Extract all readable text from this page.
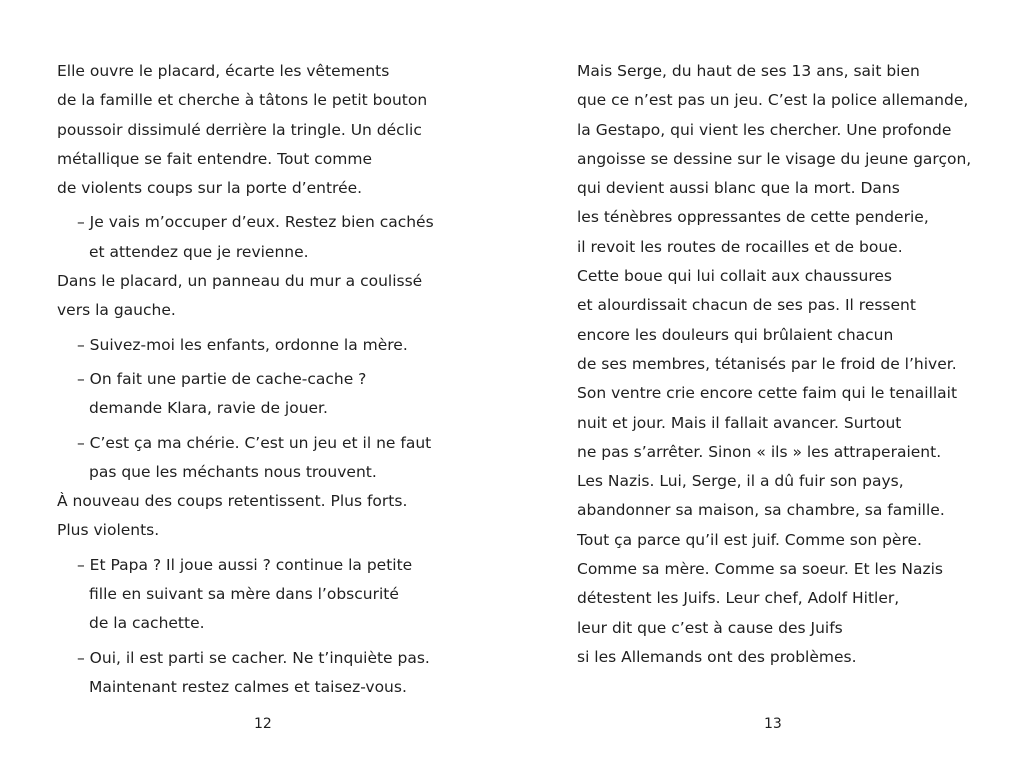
Elle ouvre le placard, écarte les vêtements
de la famille et cherche à tâtons le petit bouton
poussoir dissimulé derrière la tringle. Un déclic
métallique se fait entendre. Tout comme
de violents coups sur la porte d’entrée.
– Je vais m’occuper d’eux. Restez bien cachés
et attendez que je revienne.
Dans le placard, un panneau du mur a coulissé
vers la gauche.
– Suivez-moi les enfants, ordonne la mère.
– On fait une partie de cache-cache ?
demande Klara, ravie de jouer.
– C’est ça ma chérie. C’est un jeu et il ne faut
pas que les méchants nous trouvent.
À nouveau des coups retentissent. Plus forts.
Plus violents.
– Et Papa ? Il joue aussi ? continue la petite
fille en suivant sa mère dans l’obscurité
de la cachette.
– Oui, il est parti se cacher. Ne t’inquiète pas.
Maintenant restez calmes et taisez-vous.
12
Mais Serge, du haut de ses 13 ans, sait bien
que ce n’est pas un jeu. C’est la police allemande,
la Gestapo, qui vient les chercher. Une profonde
angoisse se dessine sur le visage du jeune garçon,
qui devient aussi blanc que la mort. Dans
les ténèbres oppressantes de cette penderie,
il revoit les routes de rocailles et de boue.
Cette boue qui lui collait aux chaussures
et alourdissait chacun de ses pas. Il ressent
encore les douleurs qui brûlaient chacun
de ses membres, tétanisés par le froid de l’hiver.
Son ventre crie encore cette faim qui le tenaillait
nuit et jour. Mais il fallait avancer. Surtout
ne pas s’arrêter. Sinon « ils » les attraperaient.
Les Nazis. Lui, Serge, il a dû fuir son pays,
abandonner sa maison, sa chambre, sa famille.
Tout ça parce qu’il est juif. Comme son père.
Comme sa mère. Comme sa soeur. Et les Nazis
détestent les Juifs. Leur chef, Adolf Hitler,
leur dit que c’est à cause des Juifs
si les Allemands ont des problèmes.
13
